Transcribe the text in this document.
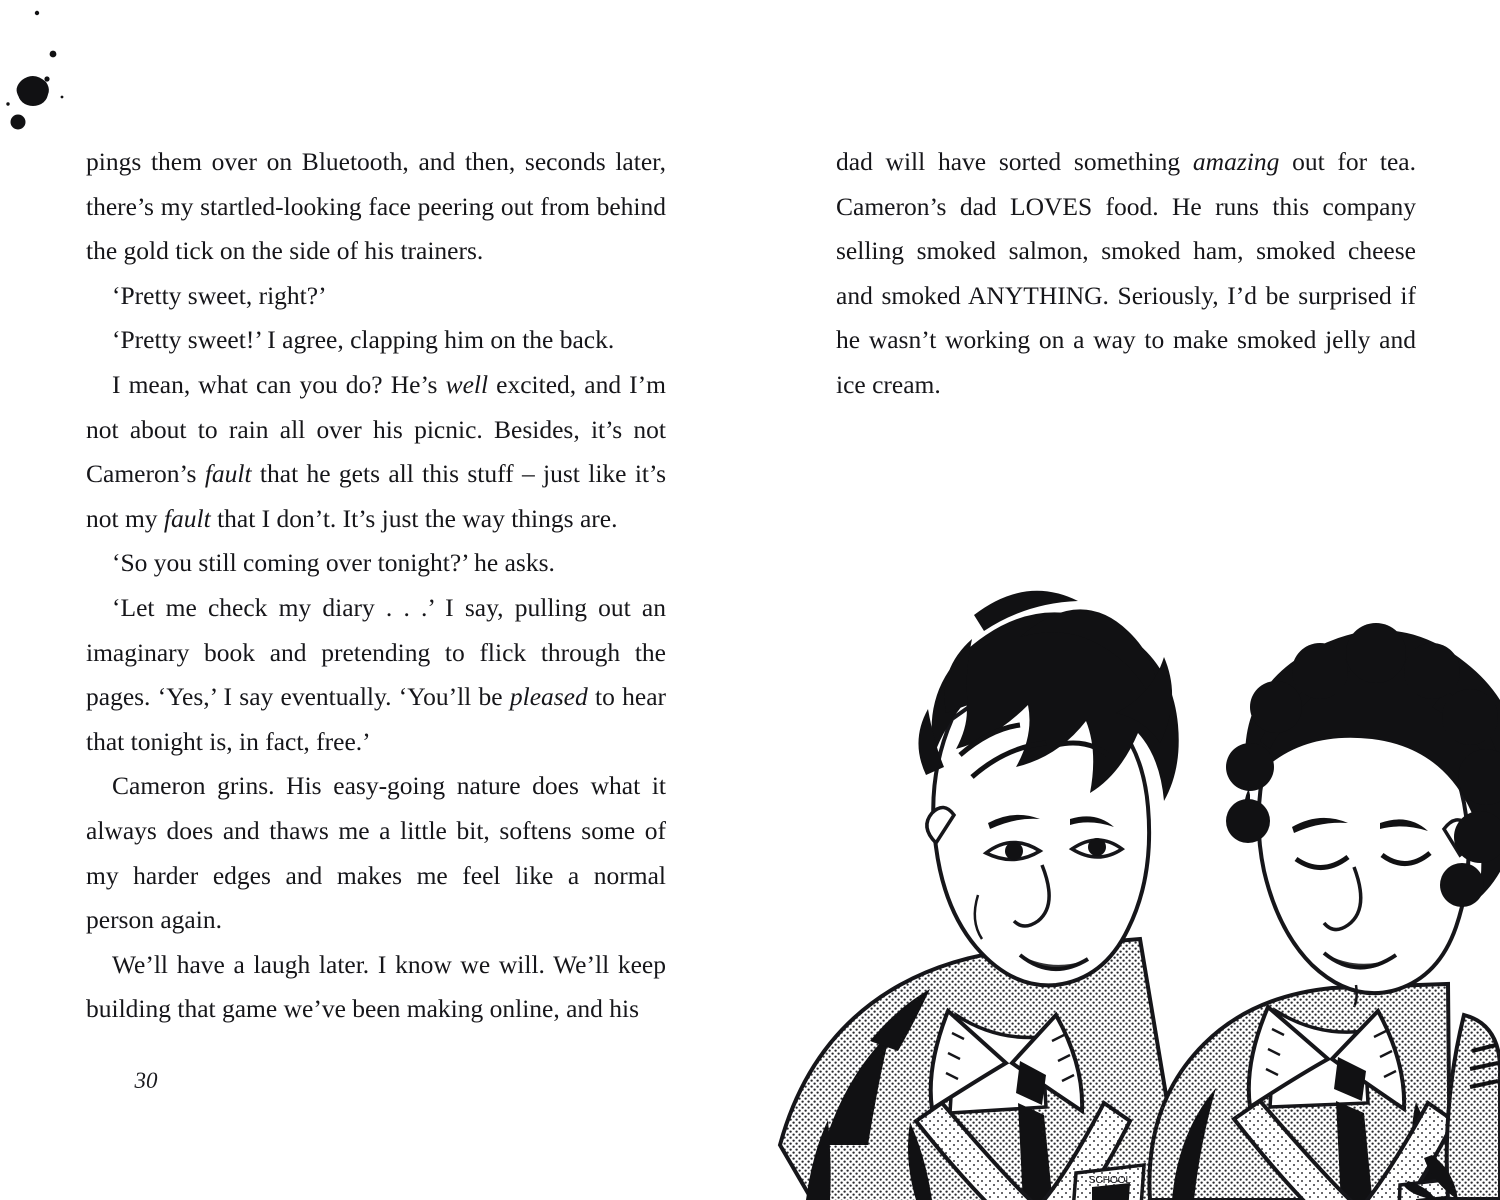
pings them over on Bluetooth, and then, seconds later, there’s my startled-looking face peering out from behind the gold tick on the side of his trainers.

‘Pretty sweet, right?’

‘Pretty sweet!’ I agree, clapping him on the back.

I mean, what can you do? He’s well excited, and I’m not about to rain all over his picnic. Besides, it’s not Cameron’s fault that he gets all this stuff – just like it’s not my fault that I don’t. It’s just the way things are.

‘So you still coming over tonight?’ he asks.

‘Let me check my diary . . .’ I say, pulling out an imaginary book and pretending to flick through the pages. ‘Yes,’ I say eventually. ‘You’ll be pleased to hear that tonight is, in fact, free.’

Cameron grins. His easy-going nature does what it always does and thaws me a little bit, softens some of my harder edges and makes me feel like a normal person again.

We’ll have a laugh later. I know we will. We’ll keep building that game we’ve been making online, and his

30

dad will have sorted something amazing out for tea. Cameron’s dad LOVES food. He runs this company selling smoked salmon, smoked ham, smoked cheese and smoked ANYTHING. Seriously, I’d be surprised if he wasn’t working on a way to make smoked jelly and ice cream.

SCHOOL
